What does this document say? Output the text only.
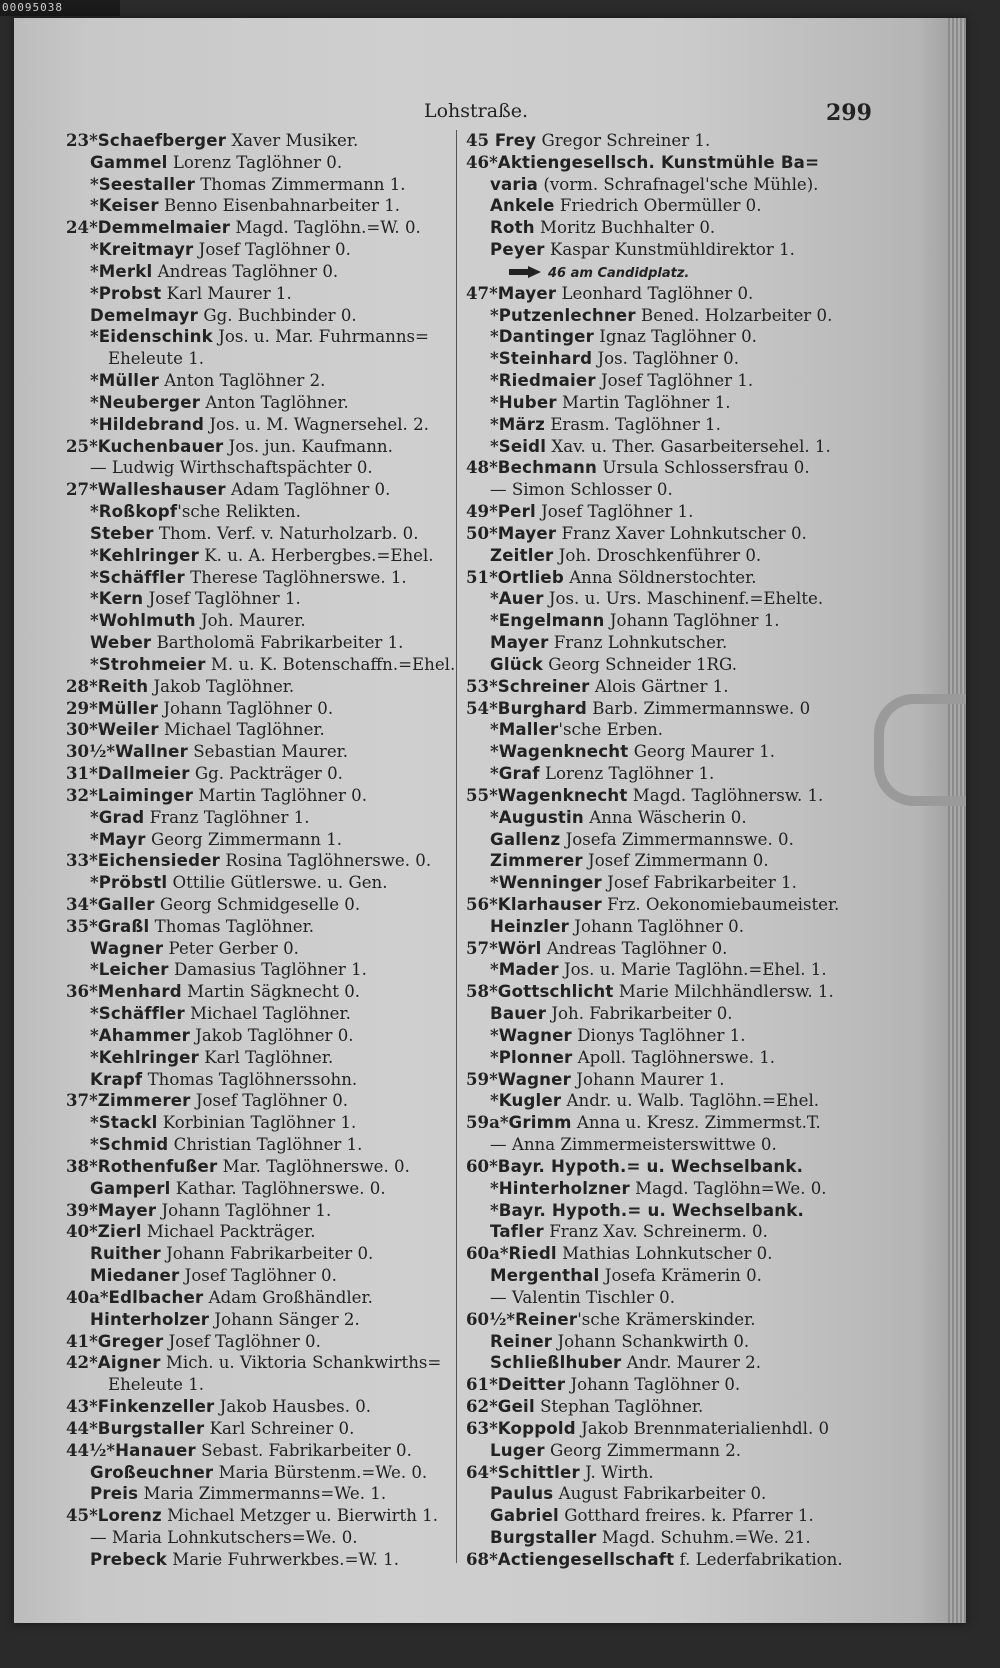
00095038
Lohstraße.	299
23*Schaefberger Xaver Musiker.
Gammel Lorenz Taglöhner 0.
*Seestaller Thomas Zimmermann 1.
*Keiser Benno Eisenbahnarbeiter 1.
24*Demmelmaier Magd. Taglöhn.=W. 0.
*Kreitmayr Josef Taglöhner 0.
*Merkl Andreas Taglöhner 0.
*Probst Karl Maurer 1.
Demelmayr Gg. Buchbinder 0.
*Eidenschink Jos. u. Mar. Fuhrmanns=
Eheleute 1.
*Müller Anton Taglöhner 2.
*Neuberger Anton Taglöhner.
*Hildebrand Jos. u. M. Wagnersehel. 2.
25*Kuchenbauer Jos. jun. Kaufmann.
— Ludwig Wirthschaftspächter 0.
27*Walleshauser Adam Taglöhner 0.
*Roßkopf'sche Relikten.
Steber Thom. Verf. v. Naturholzarb. 0.
*Kehlringer K. u. A. Herbergbes.=Ehel.
*Schäffler Therese Taglöhnerswe. 1.
*Kern Josef Taglöhner 1.
*Wohlmuth Joh. Maurer.
Weber Bartholomä Fabrikarbeiter 1.
*Strohmeier M. u. K. Botenschaffn.=Ehel.
28*Reith Jakob Taglöhner.
29*Müller Johann Taglöhner 0.
30*Weiler Michael Taglöhner.
30½*Wallner Sebastian Maurer.
31*Dallmeier Gg. Packträger 0.
32*Laiminger Martin Taglöhner 0.
*Grad Franz Taglöhner 1.
*Mayr Georg Zimmermann 1.
33*Eichensieder Rosina Taglöhnerswe. 0.
*Pröbstl Ottilie Gütlerswe. u. Gen.
34*Galler Georg Schmidgeselle 0.
35*Graßl Thomas Taglöhner.
Wagner Peter Gerber 0.
*Leicher Damasius Taglöhner 1.
36*Menhard Martin Sägknecht 0.
*Schäffler Michael Taglöhner.
*Ahammer Jakob Taglöhner 0.
*Kehlringer Karl Taglöhner.
Krapf Thomas Taglöhnerssohn.
37*Zimmerer Josef Taglöhner 0.
*Stackl Korbinian Taglöhner 1.
*Schmid Christian Taglöhner 1.
38*Rothenfußer Mar. Taglöhnerswe. 0.
Gamperl Kathar. Taglöhnerswe. 0.
39*Mayer Johann Taglöhner 1.
40*Zierl Michael Packträger.
Ruither Johann Fabrikarbeiter 0.
Miedaner Josef Taglöhner 0.
40a*Edlbacher Adam Großhändler.
Hinterholzer Johann Sänger 2.
41*Greger Josef Taglöhner 0.
42*Aigner Mich. u. Viktoria Schankwirths=
Eheleute 1.
43*Finkenzeller Jakob Hausbes. 0.
44*Burgstaller Karl Schreiner 0.
44½*Hanauer Sebast. Fabrikarbeiter 0.
Großeuchner Maria Bürstenm.=We. 0.
Preis Maria Zimmermanns=We. 1.
45*Lorenz Michael Metzger u. Bierwirth 1.
— Maria Lohnkutschers=We. 0.
Prebeck Marie Fuhrwerkbes.=W. 1.
45 Frey Gregor Schreiner 1.
46*Aktiengesellsch. Kunstmühle Ba=
varia (vorm. Schrafnagel'sche Mühle).
Ankele Friedrich Obermüller 0.
Roth Moritz Buchhalter 0.
Peyer Kaspar Kunstmühldirektor 1.
46 am Candidplatz.
47*Mayer Leonhard Taglöhner 0.
*Putzenlechner Bened. Holzarbeiter 0.
*Dantinger Ignaz Taglöhner 0.
*Steinhard Jos. Taglöhner 0.
*Riedmaier Josef Taglöhner 1.
*Huber Martin Taglöhner 1.
*März Erasm. Taglöhner 1.
*Seidl Xav. u. Ther. Gasarbeitersehel. 1.
48*Bechmann Ursula Schlossersfrau 0.
— Simon Schlosser 0.
49*Perl Josef Taglöhner 1.
50*Mayer Franz Xaver Lohnkutscher 0.
Zeitler Joh. Droschkenführer 0.
51*Ortlieb Anna Söldnerstochter.
*Auer Jos. u. Urs. Maschinenf.=Ehelte.
*Engelmann Johann Taglöhner 1.
Mayer Franz Lohnkutscher.
Glück Georg Schneider 1RG.
53*Schreiner Alois Gärtner 1.
54*Burghard Barb. Zimmermannswe. 0
*Maller'sche Erben.
*Wagenknecht Georg Maurer 1.
*Graf Lorenz Taglöhner 1.
55*Wagenknecht Magd. Taglöhnersw. 1.
*Augustin Anna Wäscherin 0.
Gallenz Josefa Zimmermannswe. 0.
Zimmerer Josef Zimmermann 0.
*Wenninger Josef Fabrikarbeiter 1.
56*Klarhauser Frz. Oekonomiebaumeister.
Heinzler Johann Taglöhner 0.
57*Wörl Andreas Taglöhner 0.
*Mader Jos. u. Marie Taglöhn.=Ehel. 1.
58*Gottschlicht Marie Milchhändlersw. 1.
Bauer Joh. Fabrikarbeiter 0.
*Wagner Dionys Taglöhner 1.
*Plonner Apoll. Taglöhnerswe. 1.
59*Wagner Johann Maurer 1.
*Kugler Andr. u. Walb. Taglöhn.=Ehel.
59a*Grimm Anna u. Kresz. Zimmermst.T.
— Anna Zimmermeisterswittwe 0.
60*Bayr. Hypoth.= u. Wechselbank.
*Hinterholzner Magd. Taglöhn=We. 0.
*Bayr. Hypoth.= u. Wechselbank.
Tafler Franz Xav. Schreinerm. 0.
60a*Riedl Mathias Lohnkutscher 0.
Mergenthal Josefa Krämerin 0.
— Valentin Tischler 0.
60½*Reiner'sche Krämerskinder.
Reiner Johann Schankwirth 0.
Schließlhuber Andr. Maurer 2.
61*Deitter Johann Taglöhner 0.
62*Geil Stephan Taglöhner.
63*Koppold Jakob Brennmaterialienhdl. 0
Luger Georg Zimmermann 2.
64*Schittler J. Wirth.
Paulus August Fabrikarbeiter 0.
Gabriel Gotthard freires. k. Pfarrer 1.
Burgstaller Magd. Schuhm.=We. 21.
68*Actiengesellschaft f. Lederfabrikation.
